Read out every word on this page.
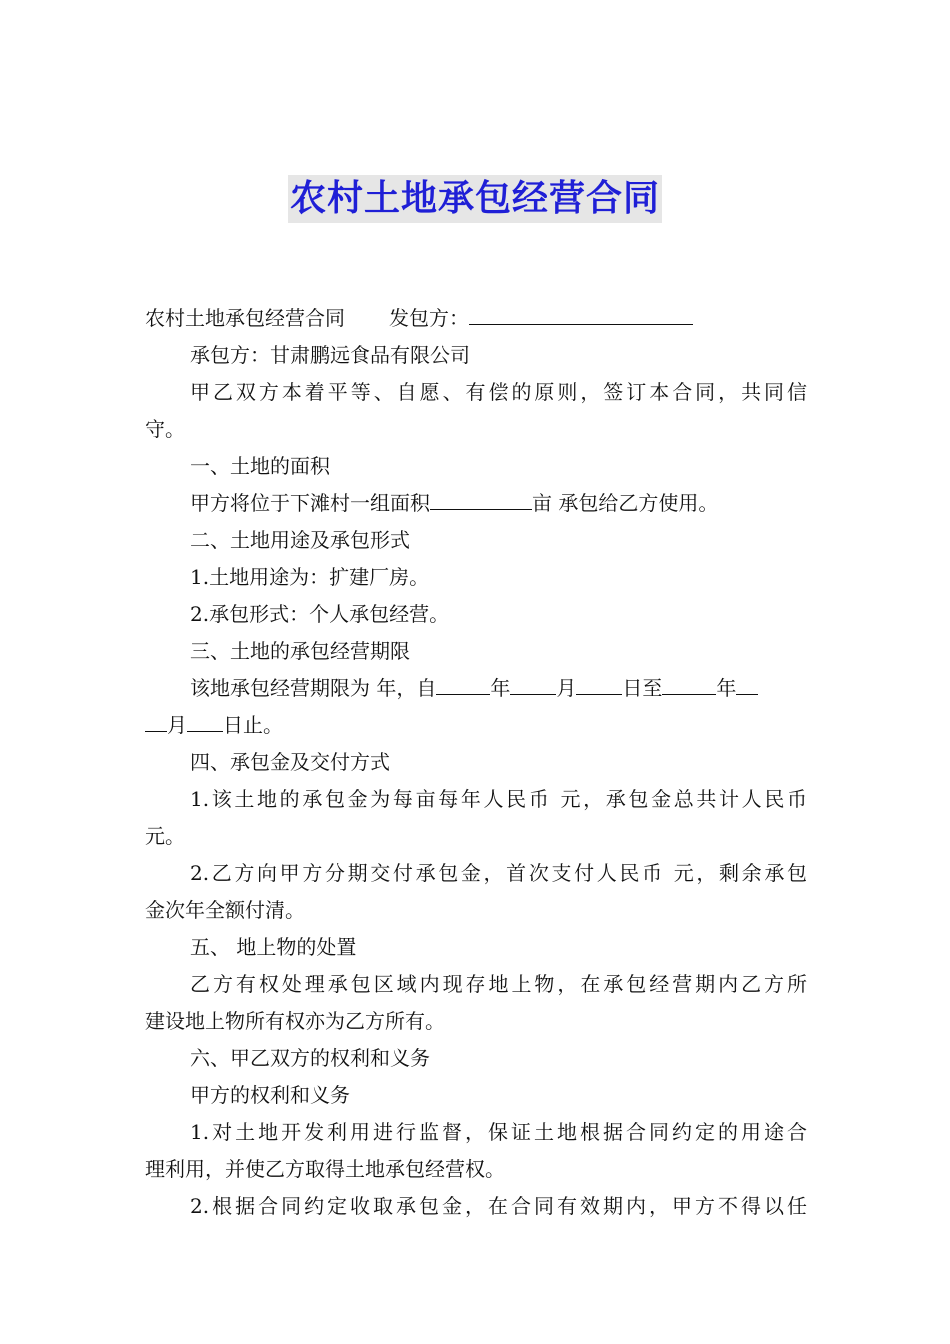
农村土地承包经营合同
农村土地承包经营合同 发包方：
承包方：甘肃鹏远食品有限公司
甲乙双方本着平等、自愿、有偿的原则，签订本合同，共同信
守。
一、土地的面积
甲方将位于下滩村一组面积	亩 承包给乙方使用。
二、土地用途及承包形式
1.土地用途为：扩建厂房。
2.承包形式：个人承包经营。
三、土地的承包经营期限
该地承包经营期限为 年，自	年 月 日至	年
月 日止。
四、承包金及交付方式
1.该土地的承包金为每亩每年人民币 元，承包金总共计人民币
元。
2.乙方向甲方分期交付承包金，首次支付人民币 元，剩余承包
金次年全额付清。
五、 地上物的处置
乙方有权处理承包区域内现存地上物，在承包经营期内乙方所
建设地上物所有权亦为乙方所有。
六、甲乙双方的权利和义务
甲方的权利和义务
1.对土地开发利用进行监督，保证土地根据合同约定的用途合
理利用，并使乙方取得土地承包经营权。
2.根据合同约定收取承包金，在合同有效期内，甲方不得以任
